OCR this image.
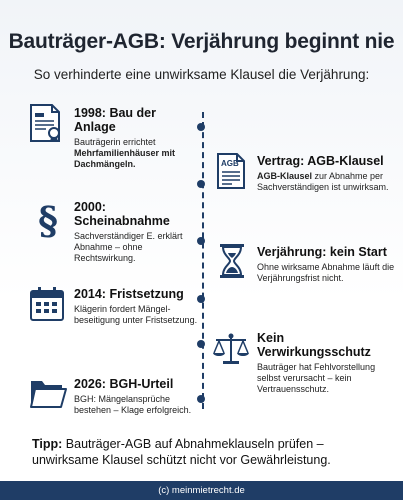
Bauträger-AGB: Verjährung beginnt nie
So verhinderte eine unwirksame Klausel die Verjährung:
1998: Bau der Anlage
Bauträgerin errichtet
Mehrfamilienhäuser mit Dachmängeln.	AGB Vertrag: AGB-Klausel
AGB-Klausel zur Abnahme per Sachverständigen ist unwirksam.
§ 2000: Scheinabnahme
Sachverständiger E. erklärt Abnahme – ohne Rechtswirkung.	Verjährung: kein Start
Ohne wirksame Abnahme läuft die Verjährungsfrist nicht.
2014: Fristsetzung
Klägerin fordert Mängel-beseitigung unter Fristsetzung.
Kein Verwirkungsschutz
Bauträger hat Fehlvorstellung selbst verursacht – kein Vertrauensschutz.
2026: BGH-Urteil
BGH: Mängelansprüche bestehen – Klage erfolgreich.
Tipp: Bauträger-AGB auf Abnahmeklauseln prüfen – unwirksame Klausel schützt nicht vor Gewährleistung.
(c) meinmietrecht.de
